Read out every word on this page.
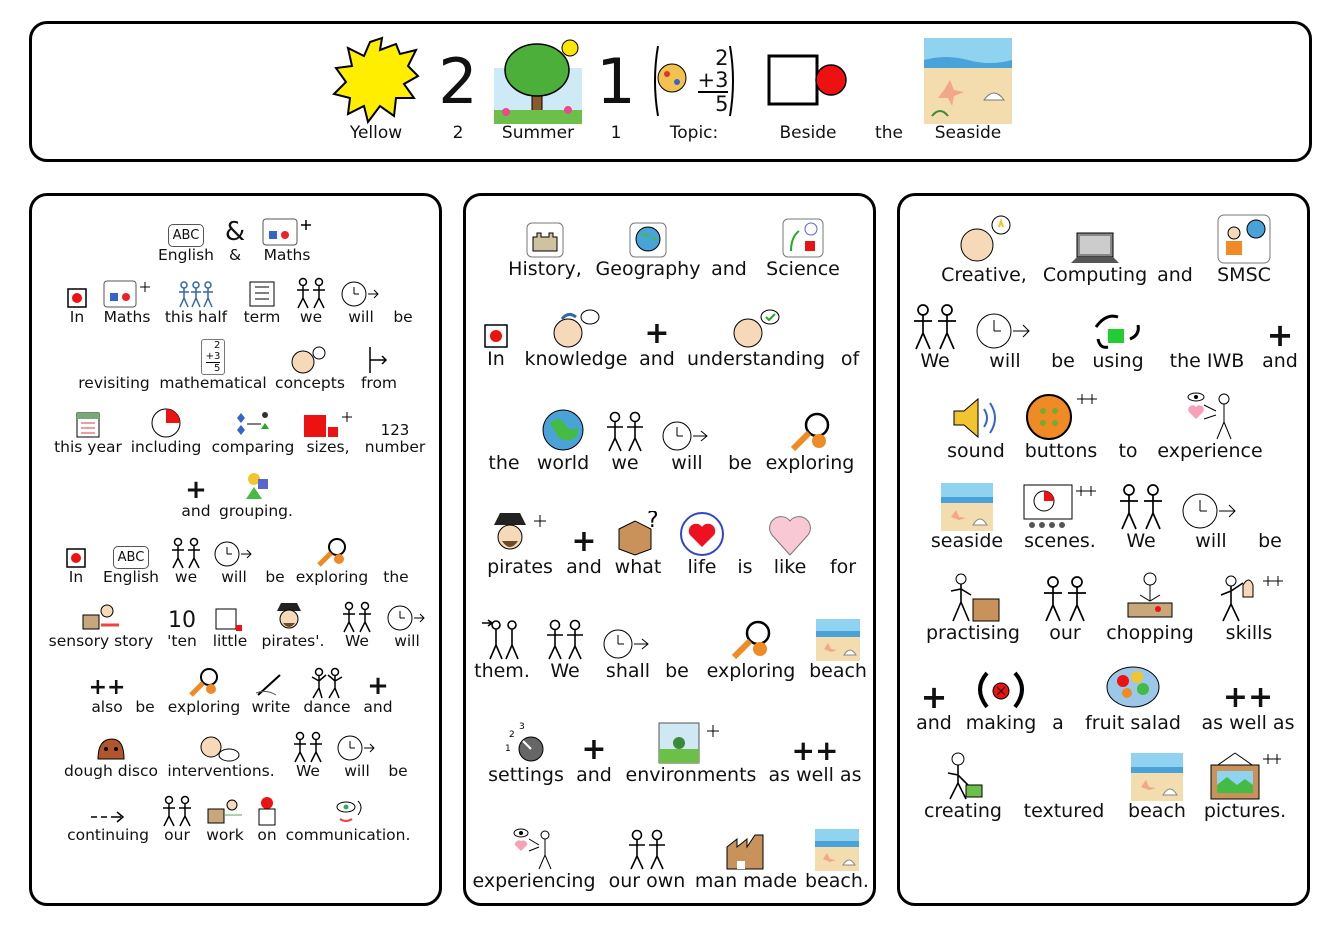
Yellow
2
2 Summer
1
1
2
+3
5
Topic:	Beside the Seaside
ABC
English
&
& Maths
In Maths this half term we will be
revisiting
2
+3
5
mathematical concepts from
this year including comparing sizes,
123
number
+
and grouping.
In
ABC
English we will be exploring the
sensory story
10
'ten little pirates'. We will
++
also be exploring write dance
+
and
dough disco interventions. We will be
continuing our work on communication.
History, Geography and Science
In knowledge
+
and understanding of
the world we will be exploring
pirates
+
and
?
what life is like for
them. We shall be exploring beach
1
2
3
settings
+
and environments
++
as well as
experiencing our own man made beach.
Creative, Computing and SMSC
We will be using the IWB
+
and
sound buttons to experience
seaside scenes. We will be
practising our chopping skills
+
and making a fruit salad
++
as well as
creating textured beach pictures.
